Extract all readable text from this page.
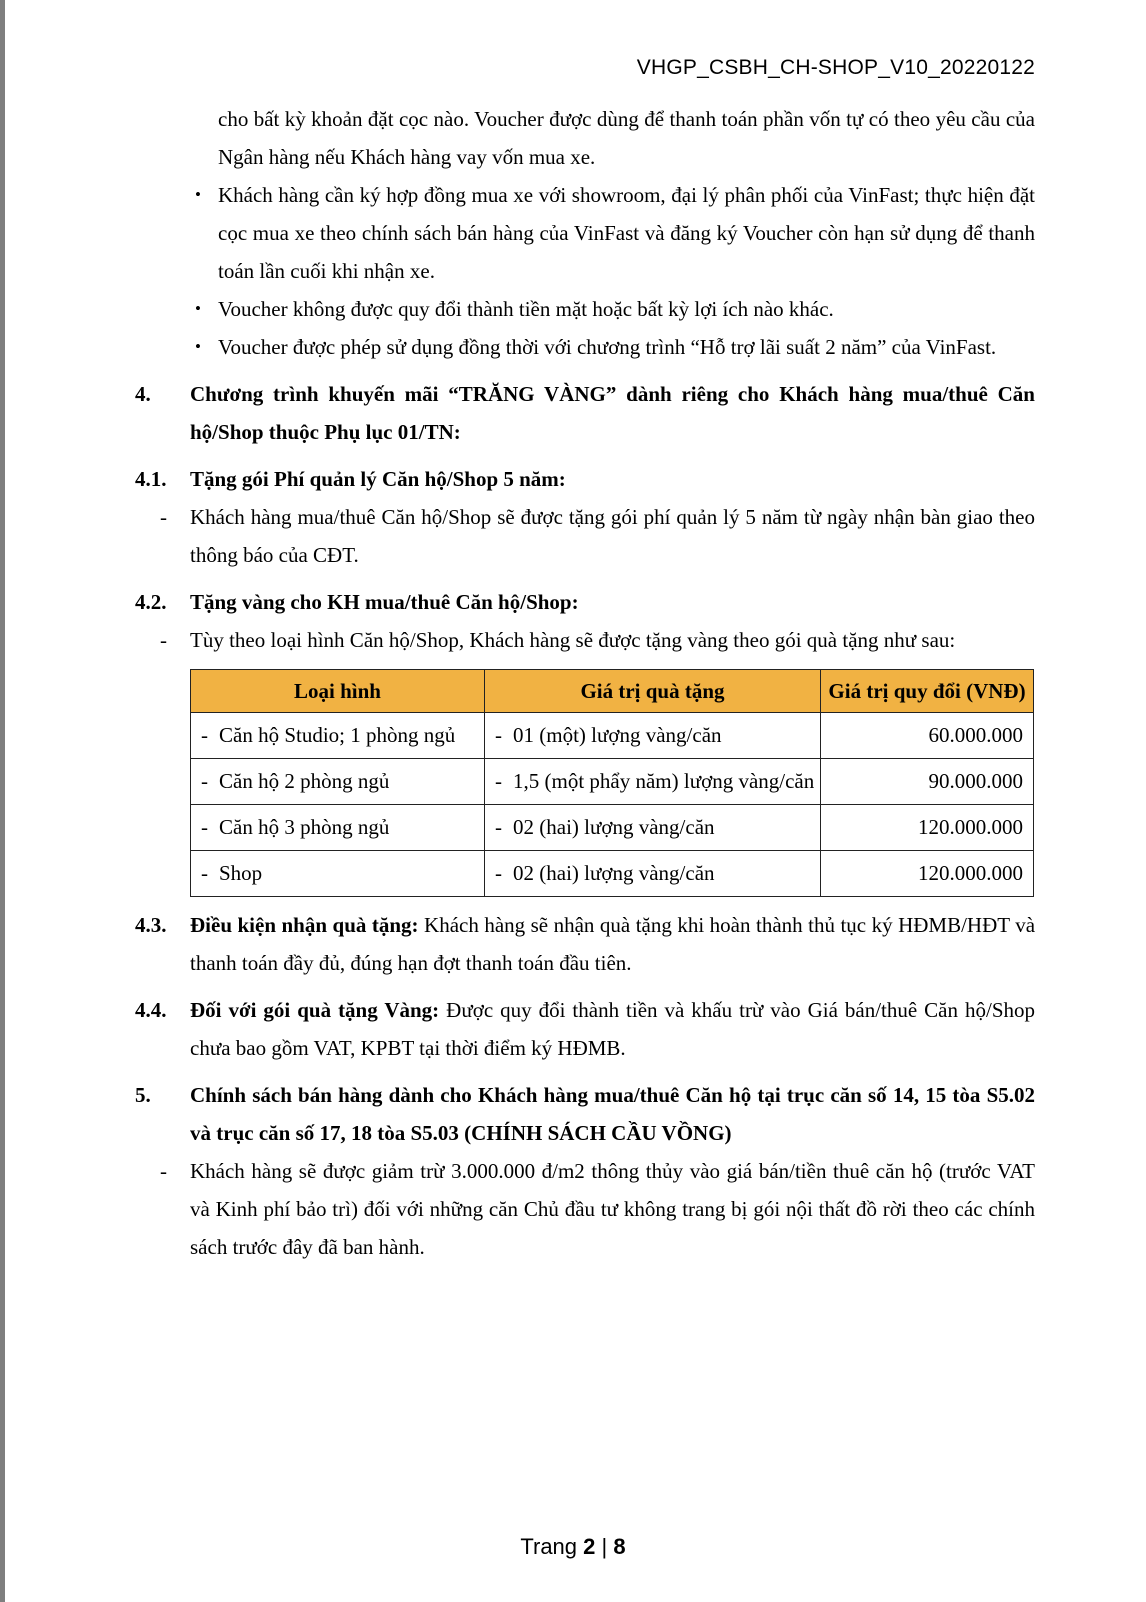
VHGP_CSBH_CH-SHOP_V10_20220122
cho bất kỳ khoản đặt cọc nào. Voucher được dùng để thanh toán phần vốn tự có theo yêu cầu của Ngân hàng nếu Khách hàng vay vốn mua xe.
• Khách hàng cần ký hợp đồng mua xe với showroom, đại lý phân phối của VinFast; thực hiện đặt cọc mua xe theo chính sách bán hàng của VinFast và đăng ký Voucher còn hạn sử dụng để thanh toán lần cuối khi nhận xe.
• Voucher không được quy đổi thành tiền mặt hoặc bất kỳ lợi ích nào khác.
• Voucher được phép sử dụng đồng thời với chương trình “Hỗ trợ lãi suất 2 năm” của VinFast.
4. Chương trình khuyến mãi “TRĂNG VÀNG” dành riêng cho Khách hàng mua/thuê Căn hộ/Shop thuộc Phụ lục 01/TN:
4.1. Tặng gói Phí quản lý Căn hộ/Shop 5 năm:
- Khách hàng mua/thuê Căn hộ/Shop sẽ được tặng gói phí quản lý 5 năm từ ngày nhận bàn giao theo thông báo của CĐT.
4.2. Tặng vàng cho KH mua/thuê Căn hộ/Shop:
- Tùy theo loại hình Căn hộ/Shop, Khách hàng sẽ được tặng vàng theo gói quà tặng như sau:
Loại hình	Giá trị quà tặng	Giá trị quy đổi (VNĐ)
- Căn hộ Studio; 1 phòng ngủ	- 01 (một) lượng vàng/căn	60.000.000
- Căn hộ 2 phòng ngủ	- 1,5 (một phẩy năm) lượng vàng/căn	90.000.000
- Căn hộ 3 phòng ngủ	- 02 (hai) lượng vàng/căn	120.000.000
- Shop	- 02 (hai) lượng vàng/căn	120.000.000
4.3. Điều kiện nhận quà tặng: Khách hàng sẽ nhận quà tặng khi hoàn thành thủ tục ký HĐMB/HĐT và thanh toán đầy đủ, đúng hạn đợt thanh toán đầu tiên.
4.4. Đối với gói quà tặng Vàng: Được quy đổi thành tiền và khấu trừ vào Giá bán/thuê Căn hộ/Shop chưa bao gồm VAT, KPBT tại thời điểm ký HĐMB.
5. Chính sách bán hàng dành cho Khách hàng mua/thuê Căn hộ tại trục căn số 14, 15 tòa S5.02 và trục căn số 17, 18 tòa S5.03 (CHÍNH SÁCH CẦU VỒNG)
- Khách hàng sẽ được giảm trừ 3.000.000 đ/m2 thông thủy vào giá bán/tiền thuê căn hộ (trước VAT và Kinh phí bảo trì) đối với những căn Chủ đầu tư không trang bị gói nội thất đồ rời theo các chính sách trước đây đã ban hành.
Trang 2 | 8
